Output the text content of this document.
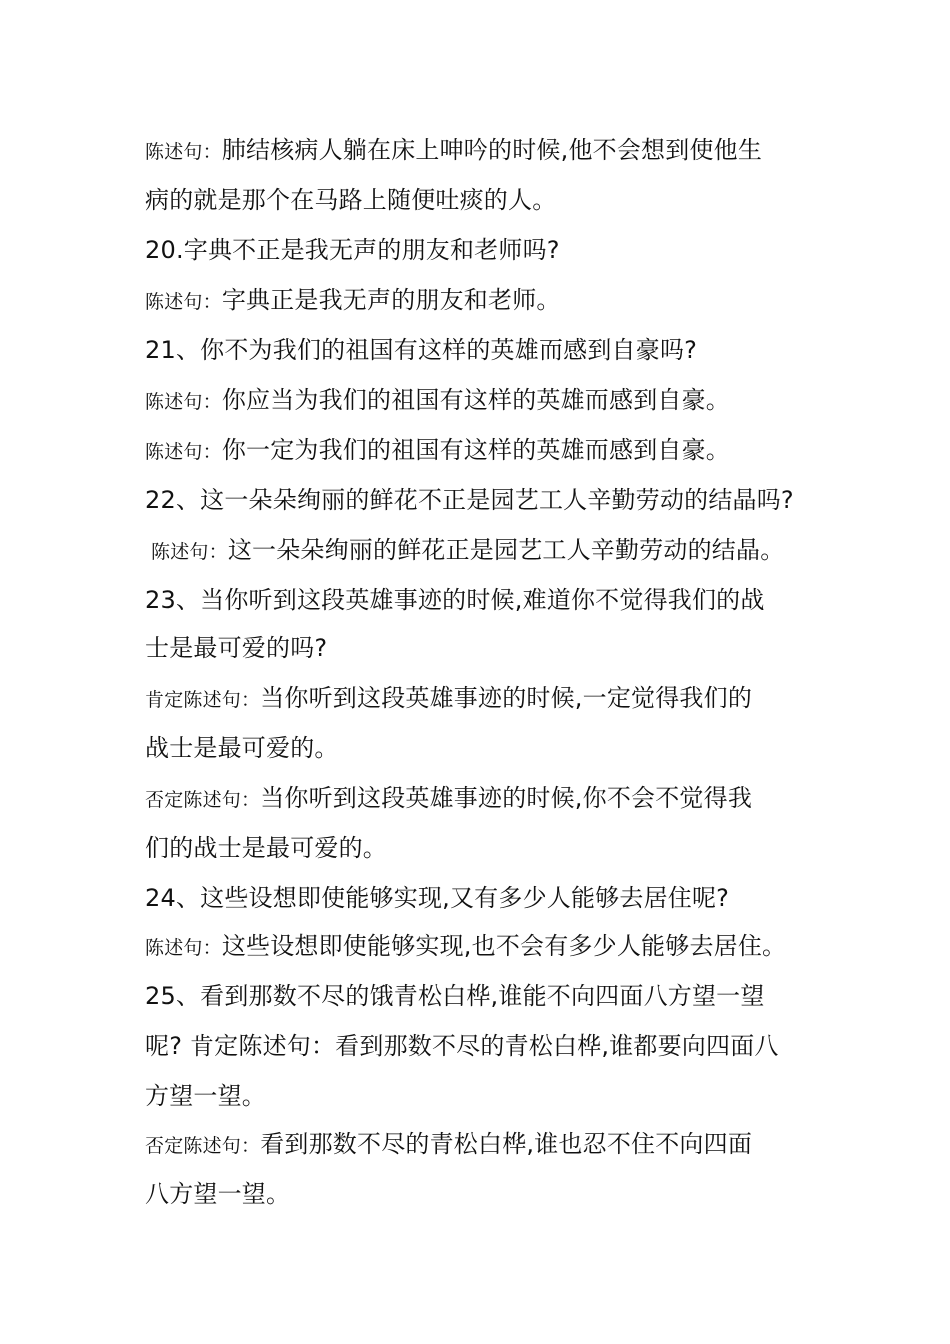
陈述句：肺结核病人躺在床上呻吟的时候,他不会想到使他生
病的就是那个在马路上随便吐痰的人。
20.字典不正是我无声的朋友和老师吗?
陈述句：字典正是我无声的朋友和老师。
21、你不为我们的祖国有这样的英雄而感到自豪吗?
陈述句：你应当为我们的祖国有这样的英雄而感到自豪。
陈述句：你一定为我们的祖国有这样的英雄而感到自豪。
22、这一朵朵绚丽的鲜花不正是园艺工人辛勤劳动的结晶吗?
陈述句：这一朵朵绚丽的鲜花正是园艺工人辛勤劳动的结晶。
23、当你听到这段英雄事迹的时候,难道你不觉得我们的战
士是最可爱的吗?
肯定陈述句：当你听到这段英雄事迹的时候,一定觉得我们的
战士是最可爱的。
否定陈述句：当你听到这段英雄事迹的时候,你不会不觉得我
们的战士是最可爱的。
24、这些设想即使能够实现,又有多少人能够去居住呢?
陈述句：这些设想即使能够实现,也不会有多少人能够去居住。
25、看到那数不尽的饿青松白桦,谁能不向四面八方望一望
呢? 肯定陈述句：看到那数不尽的青松白桦,谁都要向四面八
方望一望。
否定陈述句：看到那数不尽的青松白桦,谁也忍不住不向四面
八方望一望。
